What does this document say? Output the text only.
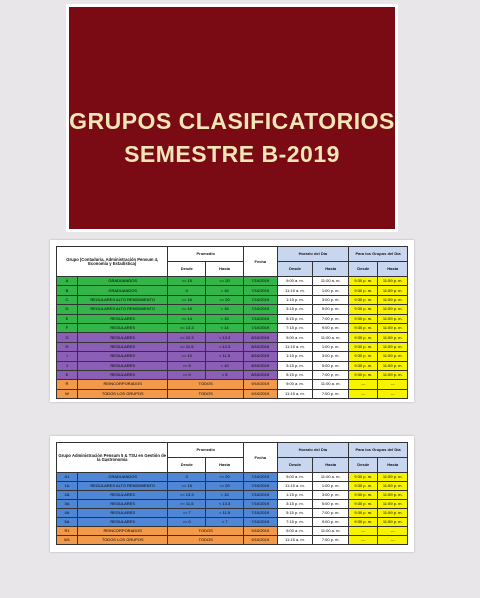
GRUPOS CLASIFICATORIOS
SEMESTRE B-2019
Grupo (Contaduría, Administración Pensum 4, Economía y Estadística)		Promedio		Fecha	Horario del Día		Para los Grupos del Día	
		Desde	Hasta		Desde	Hasta	Desde	Hasta
A	GRADUANDOS	>= 15	<= 20	7/10/2019	9:00 a. m.	11:00 a. m.	9:30 p. m.	11:59 p. m.
B	GRADUANDOS	0	< 15	7/10/2019	11:15 a. m.	1:00 p. m.	9:30 p. m.	11:59 p. m.
C	REGULARES ALTO RENDIMIENTO	>= 16	<= 20	7/10/2019	1:15 p. m.	3:00 p. m.	9:30 p. m.	11:59 p. m.
D	REGULARES ALTO RENDIMIENTO	>= 15	< 16	7/10/2019	3:15 p. m.	5:00 p. m.	9:30 p. m.	11:59 p. m.
E	REGULARES	>= 14	< 15	7/10/2019	5:15 p. m.	7:00 p. m.	9:30 p. m.	11:59 p. m.
F	REGULARES	>= 13.3	< 14	7/10/2019	7:15 p. m.	9:00 p. m.	9:30 p. m.	11:59 p. m.
G	REGULARES	>= 12.3	< 13.3	8/10/2019	9:00 a. m.	11:00 a. m.	9:30 p. m.	11:59 p. m.
H	REGULARES	>= 11.5	< 12.3	8/10/2019	11:15 a. m.	1:00 p. m.	9:30 p. m.	11:59 p. m.
I	REGULARES	>= 10	< 11.5	8/10/2019	1:15 p. m.	3:00 p. m.	9:30 p. m.	11:59 p. m.
J	REGULARES	>= 5	< 10	8/10/2019	3:15 p. m.	5:00 p. m.	9:30 p. m.	11:59 p. m.
K	REGULARES	>= 0	< 5	8/10/2019	5:15 p. m.	7:00 p. m.	9:30 p. m.	11:59 p. m.
R	REINCORPORADOS	TODOS		9/10/2019	9:00 a. m.	11:00 a. m.	---	---
W	TODOS LOS GRUPOS	TODOS		9/10/2019	11:15 a. m.	7:00 p. m.	---	---
Grupo Administración Pensum 5 & TSU en Gestión de la Gastronomía		Promedio		Fecha	Horario del Día		Para los Grupos del Día	
		Desde	Hasta		Desde	Hasta	Desde	Hasta
A1	GRADUANDOS	0	<= 20	7/10/2019	9:00 a. m.	11:00 a. m.	9:30 p. m.	11:59 p. m.
1A	REGULARES ALTO RENDIMIENTO	>= 15	<= 20	7/10/2019	11:15 a. m.	1:00 p. m.	9:30 p. m.	11:59 p. m.
2A	REGULARES	>= 13.3	< 15	7/10/2019	1:15 p. m.	3:00 p. m.	9:30 p. m.	11:59 p. m.
3A	REGULARES	>= 11.5	< 13.3	7/10/2019	3:15 p. m.	5:00 p. m.	9:30 p. m.	11:59 p. m.
4A	REGULARES	>= 7	< 11.5	7/10/2019	5:15 p. m.	7:00 p. m.	9:30 p. m.	11:59 p. m.
5A	REGULARES	>= 0	< 7	7/10/2019	7:15 p. m.	9:00 p. m.	9:30 p. m.	11:59 p. m.
R1	REINCORPORADOS	TODOS		9/10/2019	9:00 a. m.	11:00 a. m.	---	---
W1	TODOS LOS GRUPOS	TODOS		9/10/2019	11:15 a. m.	7:00 p. m.	---	---
